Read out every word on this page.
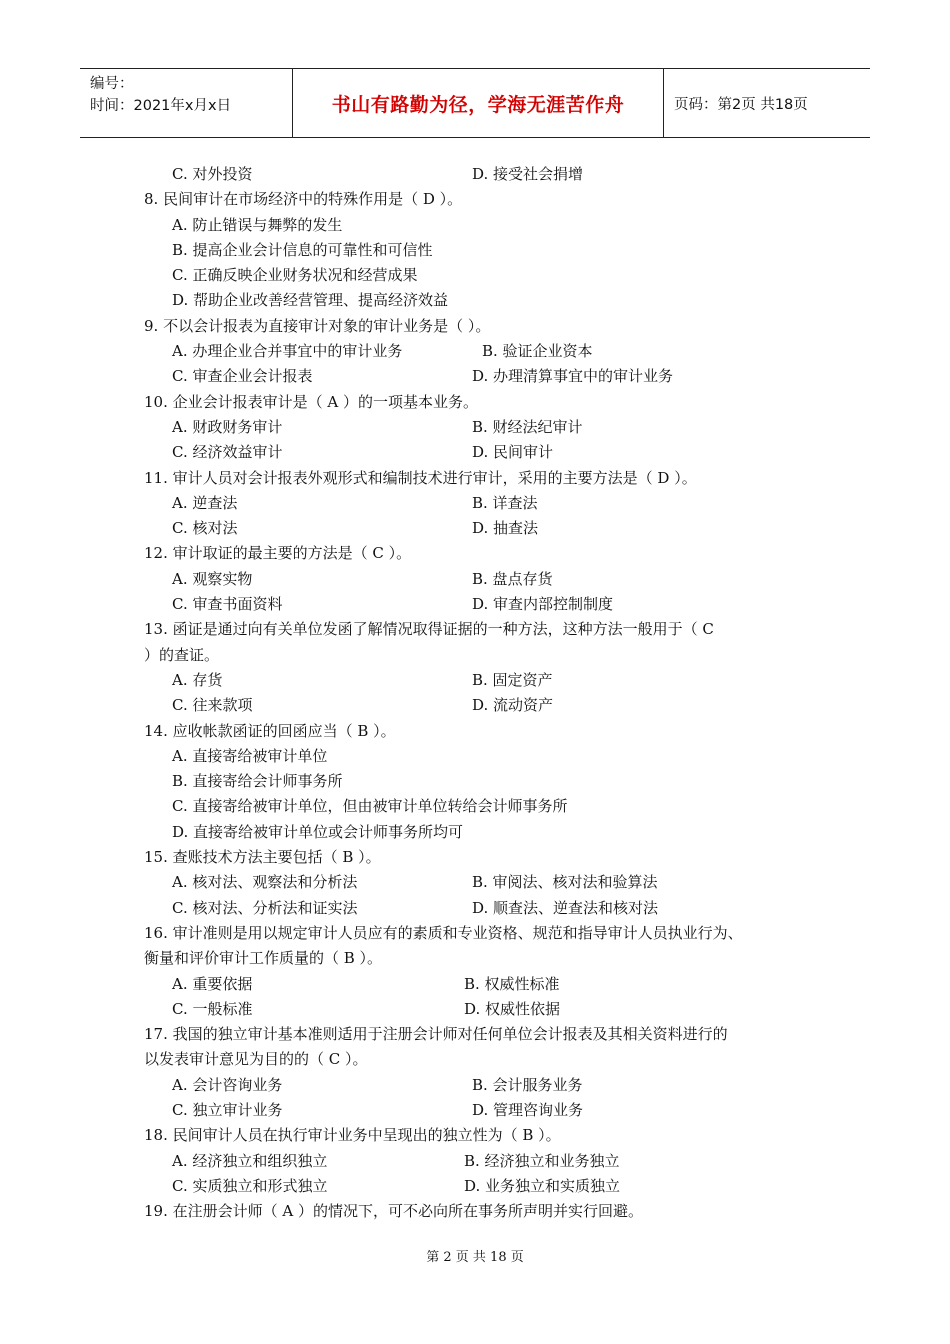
编号：
时间：2021年x月x日	书山有路勤为径，学海无涯苦作舟	页码：第2页 共18页
C. 对外投资	D. 接受社会捐增
8. 民间审计在市场经济中的特殊作用是（ D ）。
A. 防止错误与舞弊的发生
B. 提高企业会计信息的可靠性和可信性
C. 正确反映企业财务状况和经营成果
D. 帮助企业改善经营管理、提高经济效益
9. 不以会计报表为直接审计对象的审计业务是（ ）。
A. 办理企业合并事宜中的审计业务	B. 验证企业资本
C. 审查企业会计报表	D. 办理清算事宜中的审计业务
10. 企业会计报表审计是（ A ）的一项基本业务。
A. 财政财务审计	B. 财经法纪审计
C. 经济效益审计	D. 民间审计
11. 审计人员对会计报表外观形式和编制技术进行审计，采用的主要方法是（ D ）。
A. 逆查法	B. 详查法
C. 核对法	D. 抽查法
12. 审计取证的最主要的方法是（ C ）。
A. 观察实物	B. 盘点存货
C. 审查书面资料	D. 审查内部控制制度
13. 函证是通过向有关单位发函了解情况取得证据的一种方法，这种方法一般用于（ C
）的查证。
A. 存货	B. 固定资产
C. 往来款项	D. 流动资产
14. 应收帐款函证的回函应当（ B ）。
A. 直接寄给被审计单位
B. 直接寄给会计师事务所
C. 直接寄给被审计单位，但由被审计单位转给会计师事务所
D. 直接寄给被审计单位或会计师事务所均可
15. 查账技术方法主要包括（ B ）。
A. 核对法、观察法和分析法	B. 审阅法、核对法和验算法
C. 核对法、分析法和证实法	D. 顺查法、逆查法和核对法
16. 审计准则是用以规定审计人员应有的素质和专业资格、规范和指导审计人员执业行为、
衡量和评价审计工作质量的（ B ）。
A. 重要依据	B. 权威性标准
C. 一般标准	D. 权威性依据
17. 我国的独立审计基本准则适用于注册会计师对任何单位会计报表及其相关资料进行的
以发表审计意见为目的的（ C ）。
A. 会计咨询业务	B. 会计服务业务
C. 独立审计业务	D. 管理咨询业务
18. 民间审计人员在执行审计业务中呈现出的独立性为（ B ）。
A. 经济独立和组织独立	B. 经济独立和业务独立
C. 实质独立和形式独立	D. 业务独立和实质独立
19. 在注册会计师（ A ）的情况下，可不必向所在事务所声明并实行回避。
第 2 页 共 18 页
